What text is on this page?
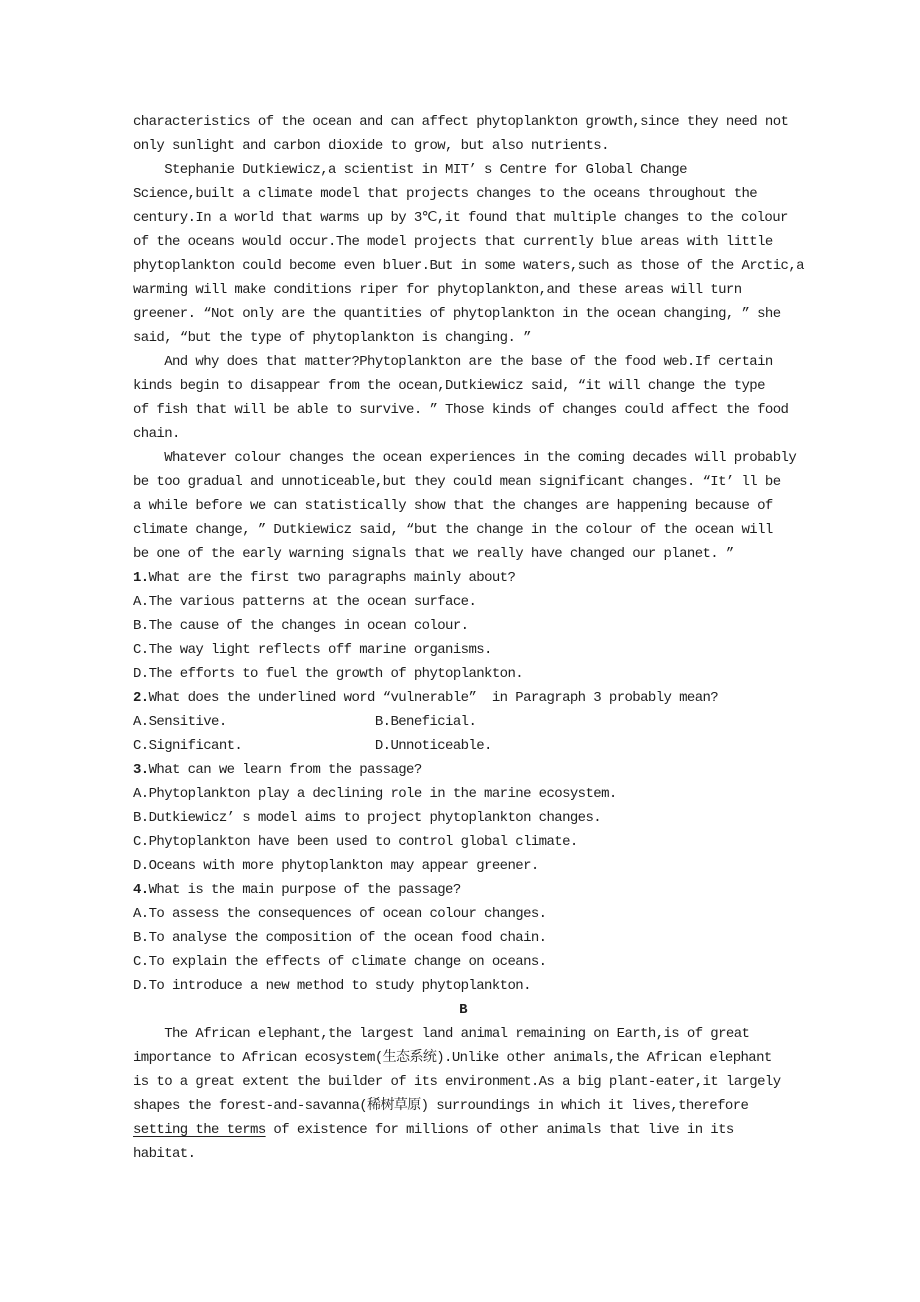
characteristics of the ocean and can affect phytoplankton growth,since they need not
only sunlight and carbon dioxide to grow, but also nutrients.
Stephanie Dutkiewicz,a scientist in MIT’ s Centre for Global Change
Science,built a climate model that projects changes to the oceans throughout the
century.In a world that warms up by 3℃,it found that multiple changes to the colour
of the oceans would occur.The model projects that currently blue areas with little
phytoplankton could become even bluer.But in some waters,such as those of the Arctic,a
warming will make conditions riper for phytoplankton,and these areas will turn
greener. “Not only are the quantities of phytoplankton in the ocean changing, ” she
said, “but the type of phytoplankton is changing. ”
And why does that matter?Phytoplankton are the base of the food web.If certain
kinds begin to disappear from the ocean,Dutkiewicz said, “it will change the type
of fish that will be able to survive. ” Those kinds of changes could affect the food
chain.
Whatever colour changes the ocean experiences in the coming decades will probably
be too gradual and unnoticeable,but they could mean significant changes. “It’ ll be
a while before we can statistically show that the changes are happening because of
climate change, ” Dutkiewicz said, “but the change in the colour of the ocean will
be one of the early warning signals that we really have changed our planet. ”
1.What are the first two paragraphs mainly about?
A.The various patterns at the ocean surface.
B.The cause of the changes in ocean colour.
C.The way light reflects off marine organisms.
D.The efforts to fuel the growth of phytoplankton.
2.What does the underlined word “vulnerable”  in Paragraph 3 probably mean?
A.Sensitive.                   B.Beneficial.
C.Significant.                 D.Unnoticeable.
3.What can we learn from the passage?
A.Phytoplankton play a declining role in the marine ecosystem.
B.Dutkiewicz’ s model aims to project phytoplankton changes.
C.Phytoplankton have been used to control global climate.
D.Oceans with more phytoplankton may appear greener.
4.What is the main purpose of the passage?
A.To assess the consequences of ocean colour changes.
B.To analyse the composition of the ocean food chain.
C.To explain the effects of climate change on oceans.
D.To introduce a new method to study phytoplankton.
B
The African elephant,the largest land animal remaining on Earth,is of great
importance to African ecosystem(生态系统).Unlike other animals,the African elephant
is to a great extent the builder of its environment.As a big plant-eater,it largely
shapes the forest-and-savanna(稀树草原) surroundings in which it lives,therefore
setting the terms of existence for millions of other animals that live in its
habitat.
